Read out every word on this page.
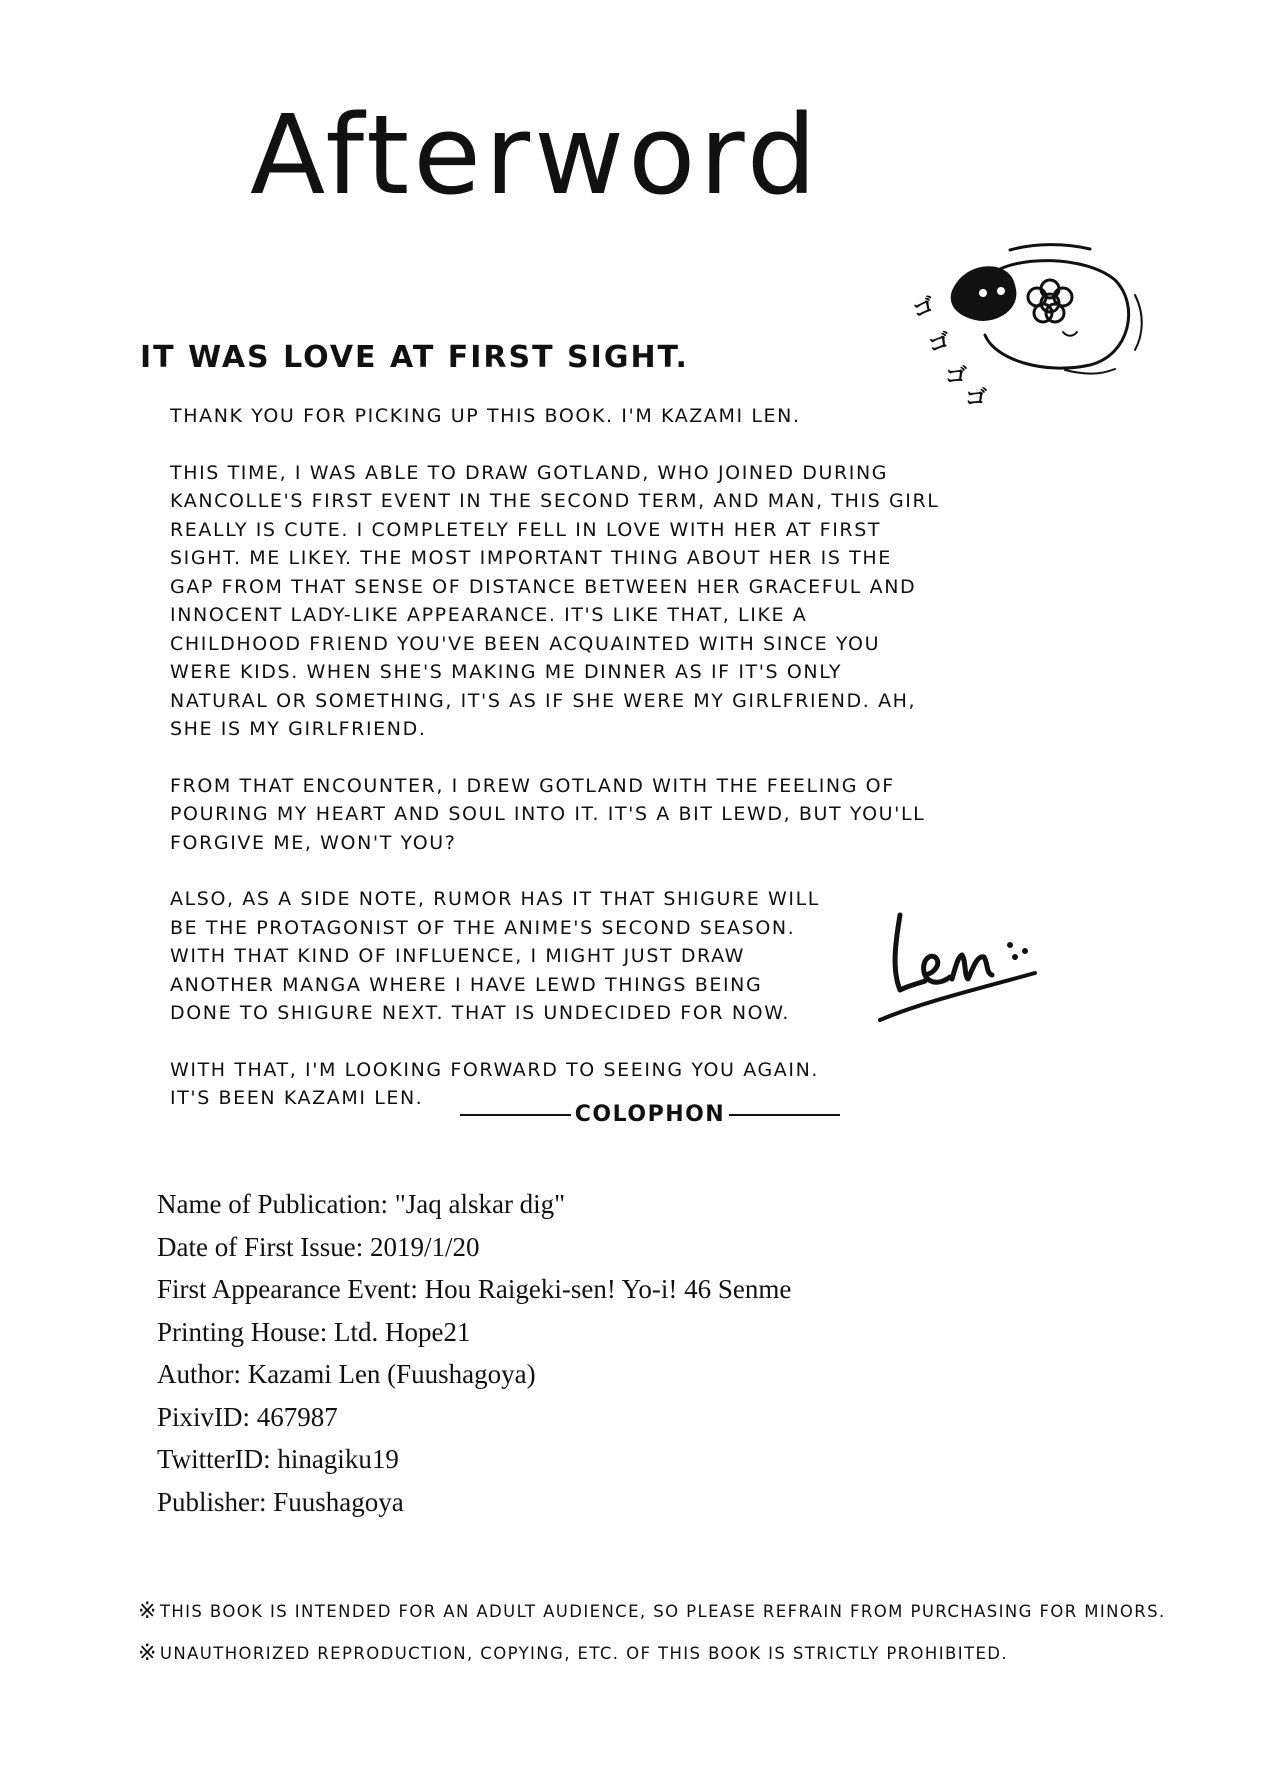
Afterword
ゴ
ゴ
ゴ
ゴ
IT WAS LOVE AT FIRST SIGHT.

THANK YOU FOR PICKING UP THIS BOOK. I'M KAZAMI LEN.

THIS TIME, I WAS ABLE TO DRAW GOTLAND, WHO JOINED DURING KANCOLLE'S FIRST EVENT IN THE SECOND TERM, AND MAN, THIS GIRL REALLY IS CUTE. I COMPLETELY FELL IN LOVE WITH HER AT FIRST SIGHT. ME LIKEY. THE MOST IMPORTANT THING ABOUT HER IS THE GAP FROM THAT SENSE OF DISTANCE BETWEEN HER GRACEFUL AND INNOCENT LADY-LIKE APPEARANCE. IT'S LIKE THAT, LIKE A CHILDHOOD FRIEND YOU'VE BEEN ACQUAINTED WITH SINCE YOU WERE KIDS. WHEN SHE'S MAKING ME DINNER AS IF IT'S ONLY NATURAL OR SOMETHING, IT'S AS IF SHE WERE MY GIRLFRIEND. AH, SHE IS MY GIRLFRIEND.

FROM THAT ENCOUNTER, I DREW GOTLAND WITH THE FEELING OF POURING MY HEART AND SOUL INTO IT. IT'S A BIT LEWD, BUT YOU'LL FORGIVE ME, WON'T YOU?

ALSO, AS A SIDE NOTE, RUMOR HAS IT THAT SHIGURE WILL BE THE PROTAGONIST OF THE ANIME'S SECOND SEASON. WITH THAT KIND OF INFLUENCE, I MIGHT JUST DRAW ANOTHER MANGA WHERE I HAVE LEWD THINGS BEING DONE TO SHIGURE NEXT. THAT IS UNDECIDED FOR NOW.

WITH THAT, I'M LOOKING FORWARD TO SEEING YOU AGAIN. IT'S BEEN KAZAMI LEN.

COLOPHON
Name of Publication: "Jaq alskar dig"
Date of First Issue: 2019/1/20
First Appearance Event: Hou Raigeki-sen! Yo-i! 46 Senme
Printing House: Ltd. Hope21
Author: Kazami Len (Fuushagoya)
PixivID: 467987
TwitterID: hinagiku19
Publisher: Fuushagoya
※ THIS BOOK IS INTENDED FOR AN ADULT AUDIENCE, SO PLEASE REFRAIN FROM PURCHASING FOR MINORS.
※ UNAUTHORIZED REPRODUCTION, COPYING, ETC. OF THIS BOOK IS STRICTLY PROHIBITED.
